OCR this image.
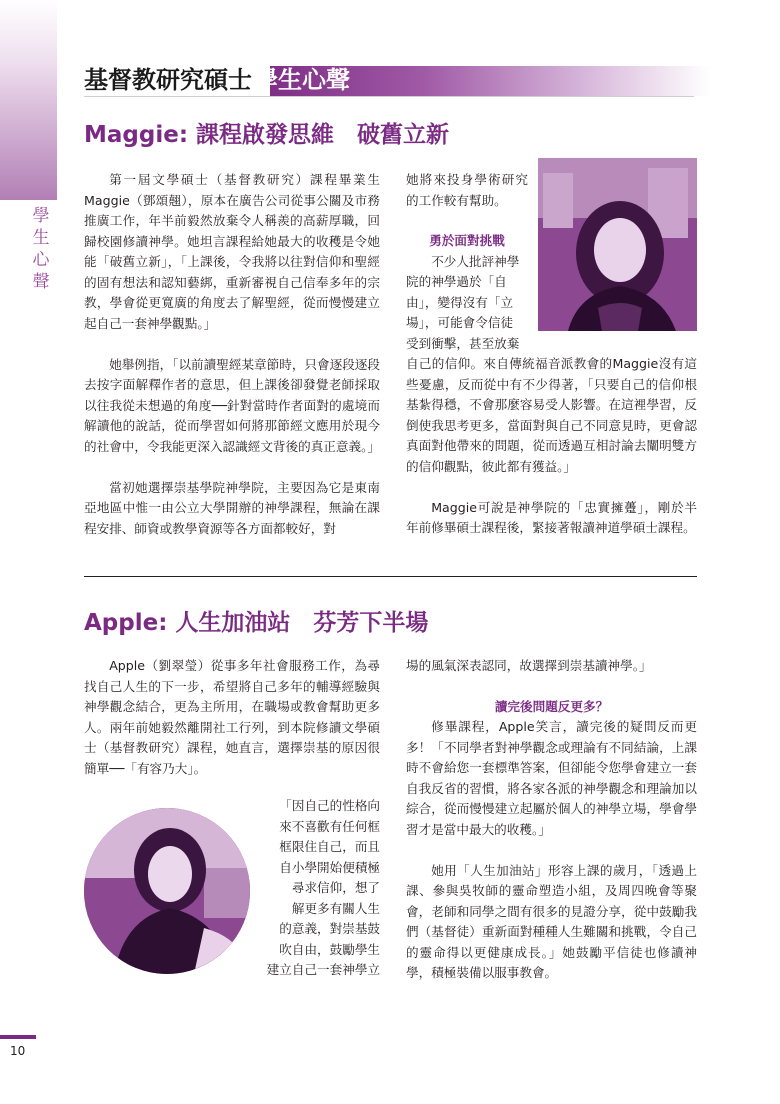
學
生
心
聲
基督教研究碩士學生心聲
Maggie: 課程啟發思維　破舊立新

第一屆文學碩士（基督教研究）課程畢業生Maggie（鄧頌翹），原本在廣告公司從事公關及市務推廣工作，年半前毅然放棄令人稱羨的高薪厚職，回歸校園修讀神學。她坦言課程給她最大的收穫是令她能「破舊立新」，「上課後，令我將以往對信仰和聖經的固有想法和認知藝綁，重新審視自己信奉多年的宗教，學會從更寬廣的角度去了解聖經，從而慢慢建立起自己一套神學觀點。」

她舉例指，「以前讀聖經某章節時，只會逐段逐段去按字面解釋作者的意思，但上課後卻發覺老師採取以往我從未想過的角度──針對當時作者面對的處境而解讀他的說話，從而學習如何將那節經文應用於現今的社會中，令我能更深入認識經文背後的真正意義。」

當初她選擇崇基學院神學院，主要因為它是東南亞地區中惟一由公立大學開辦的神學課程，無論在課程安排、師資或教學資源等各方面都較好，對

她將來投身學術研究的工作較有幫助。

勇於面對挑戰

不少人批評神學

院的神學過於「自

由」，變得沒有「立

場」，可能會令信徒

受到衝擊，甚至放棄

自己的信仰。來自傳統福音派教會的Maggie沒有這些憂慮，反而從中有不少得著，「只要自己的信仰根基紮得穩，不會那麼容易受人影響。在這裡學習，反倒使我思考更多，當面對與自己不同意見時，更會認真面對他帶來的問題，從而透過互相討論去闡明雙方的信仰觀點，彼此都有獲益。」

Maggie可說是神學院的「忠實擁躉」，剛於半年前修畢碩士課程後，緊接著報讀神道學碩士課程。

Apple: 人生加油站　芬芳下半場

Apple（劉翠瑩）從事多年社會服務工作，為尋找自己人生的下一步，希望將自己多年的輔導經驗與神學觀念結合，更為主所用，在職場或教會幫助更多人。兩年前她毅然離開社工行列，到本院修讀文學碩士（基督教研究）課程，她直言，選擇崇基的原因很簡單──「有容乃大」。

「因自己的性格向
來不喜歡有任何框
框限住自己，而且
自小學開始便積極
尋求信仰，想了
解更多有關人生
的意義，對崇基鼓
吹自由，鼓勵學生
建立自己一套神學立

場的風氣深表認同，故選擇到崇基讀神學。」

讀完後問題反更多？

修畢課程，Apple笑言，讀完後的疑問反而更多！「不同學者對神學觀念或理論有不同結論，上課時不會給您一套標準答案，但卻能令您學會建立一套自我反省的習慣，將各家各派的神學觀念和理論加以綜合，從而慢慢建立起屬於個人的神學立場，學會學習才是當中最大的收穫。」

她用「人生加油站」形容上課的歲月，「透過上課、參與吳牧師的靈命塑造小組，及周四晚會等聚會，老師和同學之間有很多的見證分享，從中鼓勵我們（基督徒）重新面對種種人生難關和挑戰，令自己的靈命得以更健康成長。」她鼓勵平信徒也修讀神學，積極裝備以服事教會。

10
